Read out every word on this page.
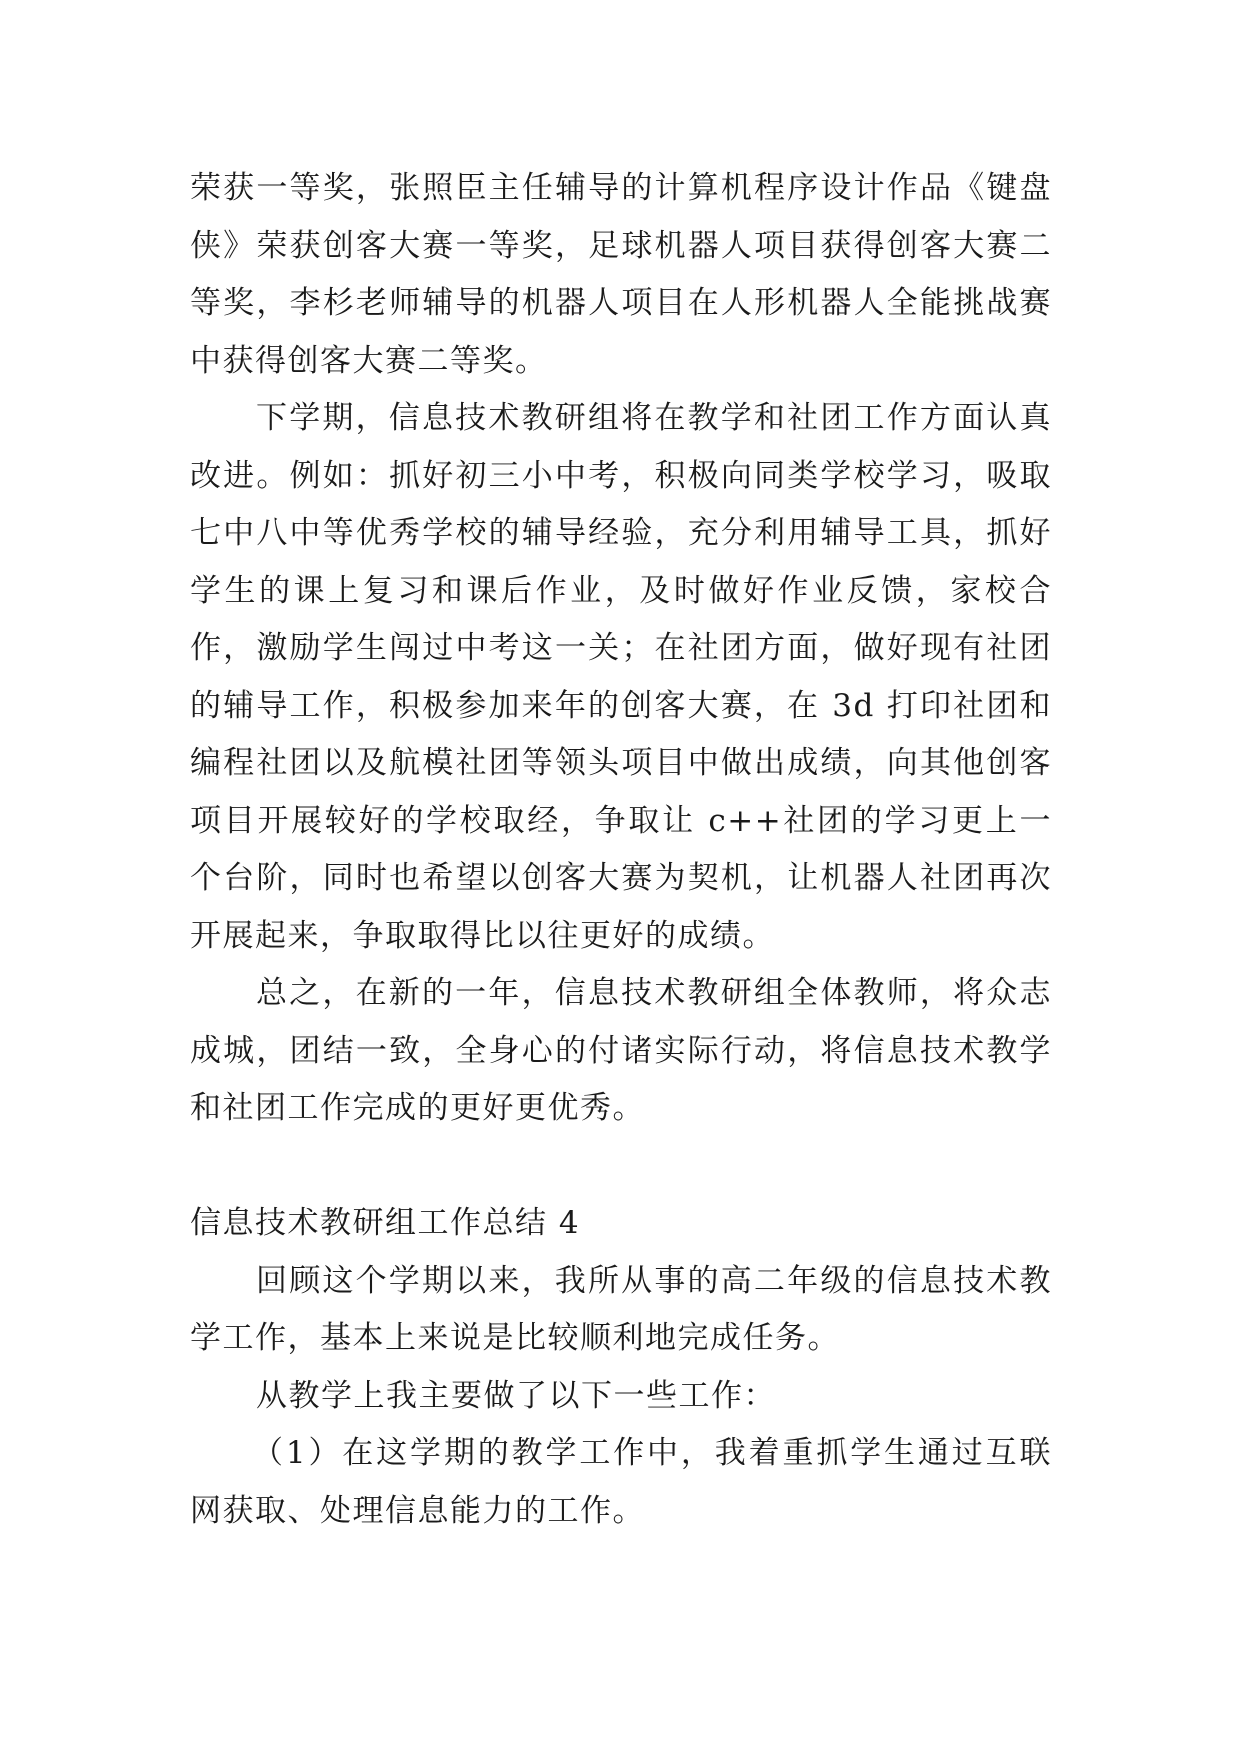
荣获一等奖，张照臣主任辅导的计算机程序设计作品《键盘侠》荣获创客大赛一等奖，足球机器人项目获得创客大赛二等奖，李杉老师辅导的机器人项目在人形机器人全能挑战赛中获得创客大赛二等奖。

下学期，信息技术教研组将在教学和社团工作方面认真改进。例如：抓好初三小中考，积极向同类学校学习，吸取七中八中等优秀学校的辅导经验，充分利用辅导工具，抓好学生的课上复习和课后作业，及时做好作业反馈，家校合作，激励学生闯过中考这一关；在社团方面，做好现有社团的辅导工作，积极参加来年的创客大赛，在 3d 打印社团和编程社团以及航模社团等领头项目中做出成绩，向其他创客项目开展较好的学校取经，争取让 c++社团的学习更上一个台阶，同时也希望以创客大赛为契机，让机器人社团再次开展起来，争取取得比以往更好的成绩。

总之，在新的一年，信息技术教研组全体教师，将众志成城，团结一致，全身心的付诸实际行动，将信息技术教学和社团工作完成的更好更优秀。

信息技术教研组工作总结 4

回顾这个学期以来，我所从事的高二年级的信息技术教学工作，基本上来说是比较顺利地完成任务。

从教学上我主要做了以下一些工作：

（1）在这学期的教学工作中，我着重抓学生通过互联网获取、处理信息能力的工作。
